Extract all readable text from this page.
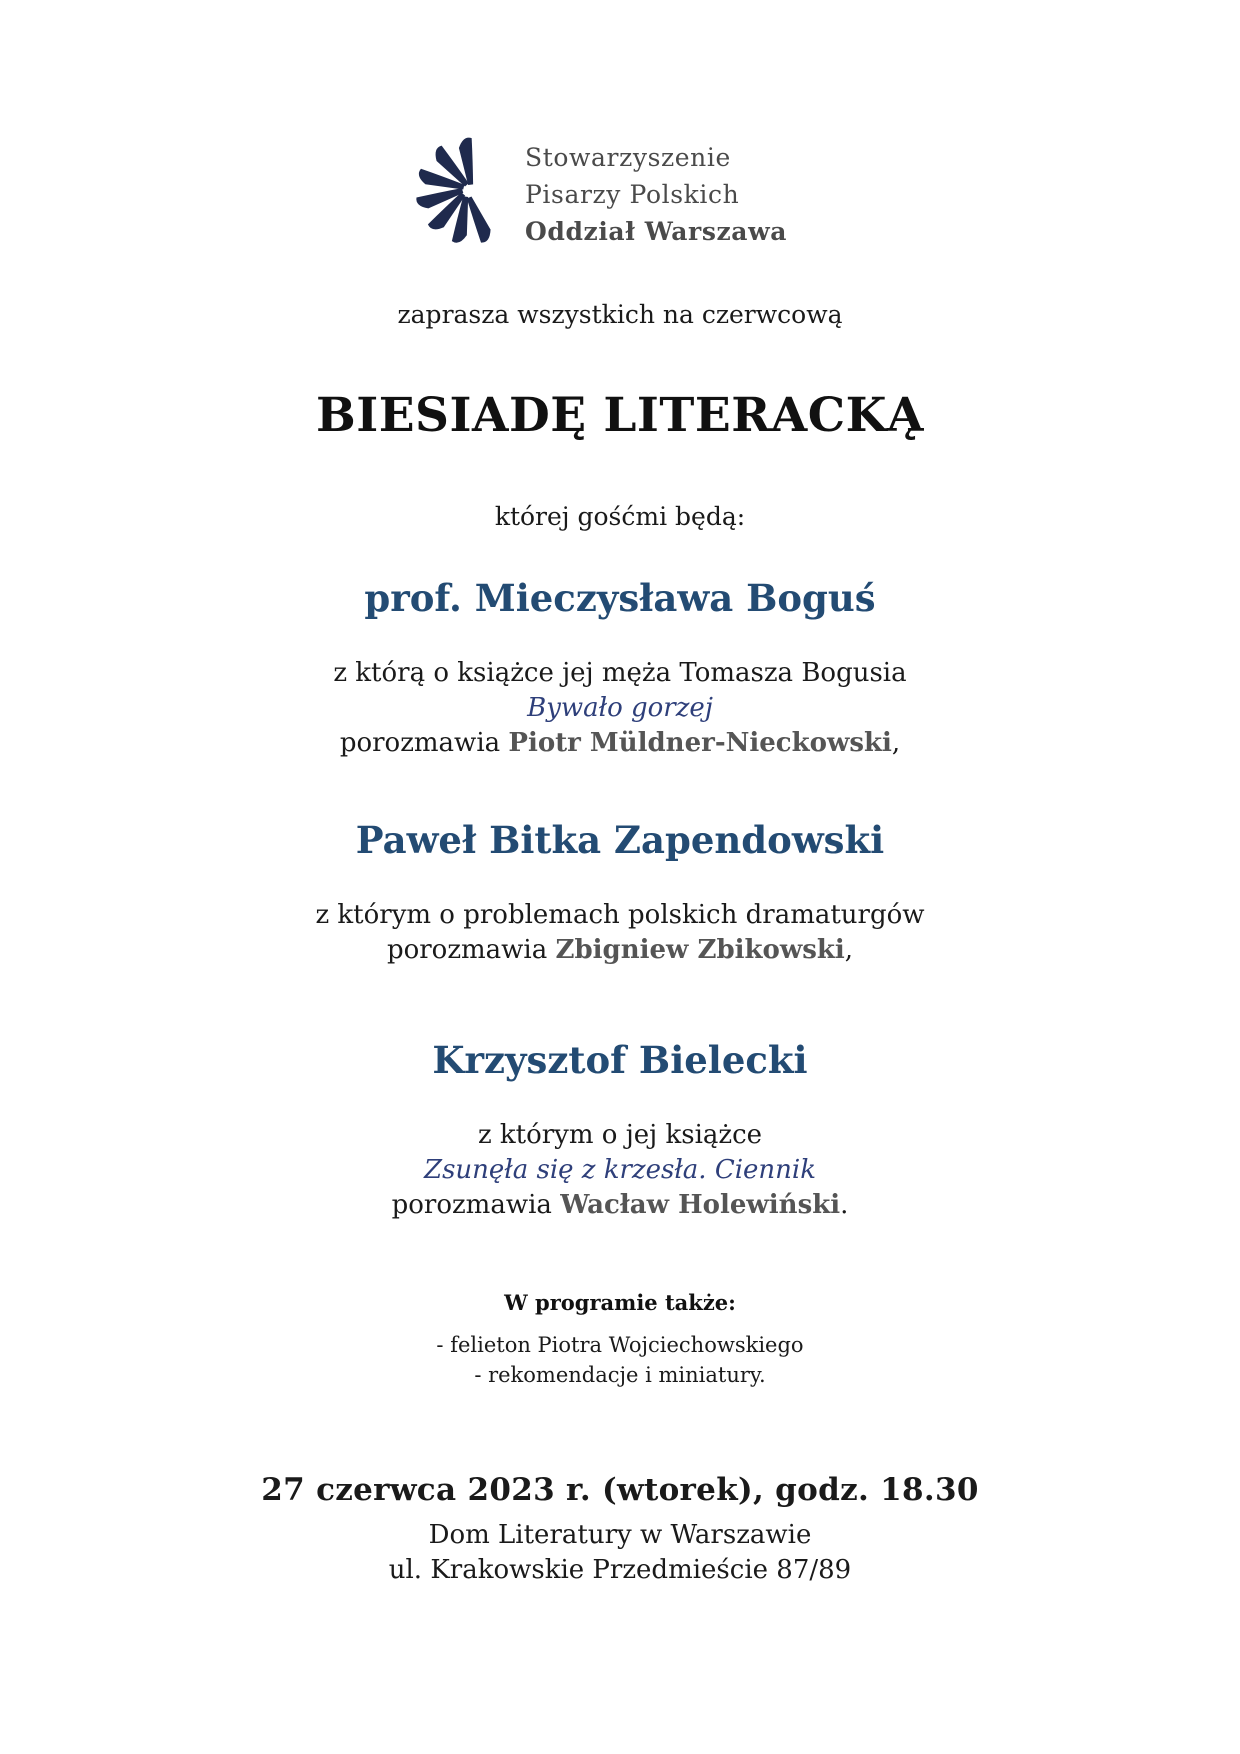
Stowarzyszenie
Pisarzy Polskich
Oddział Warszawa
zaprasza wszystkich na czerwcową
BIESIADĘ LITERACKĄ
której gośćmi będą:
prof. Mieczysława Boguś
z którą o książce jej męża Tomasza Bogusia
Bywało gorzej
porozmawia Piotr Müldner-Nieckowski,
Paweł Bitka Zapendowski
z którym o problemach polskich dramaturgów
porozmawia Zbigniew Zbikowski,
Krzysztof Bielecki
z którym o jej książce
Zsunęła się z krzesła. Ciennik
porozmawia Wacław Holewiński.
W programie także:
- felieton Piotra Wojciechowskiego
- rekomendacje i miniatury.
27 czerwca 2023 r. (wtorek), godz. 18.30
Dom Literatury w Warszawie
ul. Krakowskie Przedmieście 87/89
